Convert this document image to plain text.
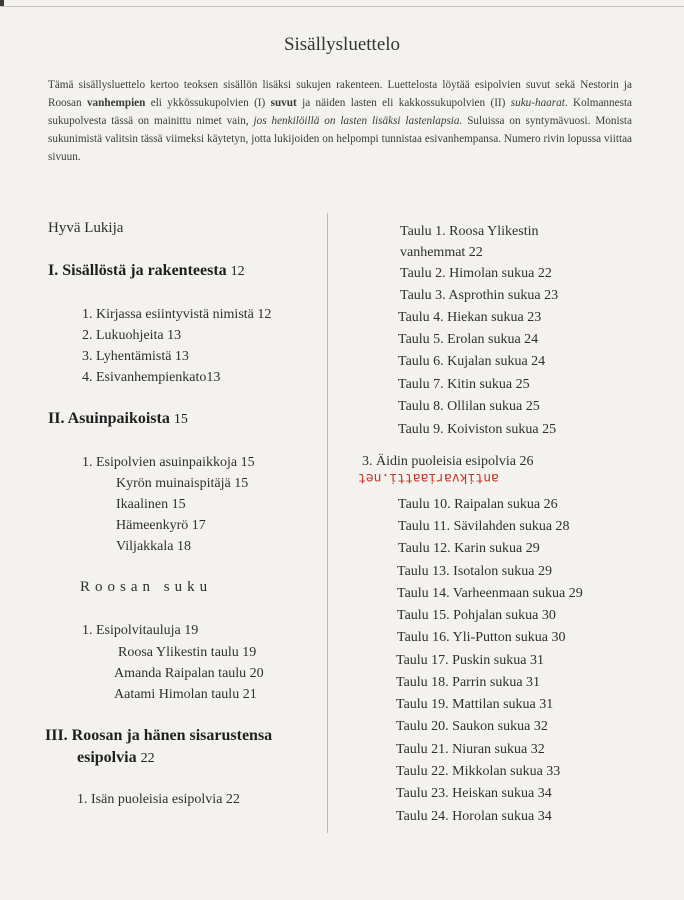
Sisällysluettelo
Tämä sisällysluettelo kertoo teoksen sisällön lisäksi sukujen rakenteen. Luettelosta löytää esipolvien suvut sekä Nestorin ja Roosan vanhempien eli ykkössukupolvien (I) suvut ja näiden lasten eli kakkossukupolvien (II) suku-haarat. Kolmannesta sukupolvesta tässä on mainittu nimet vain, jos henkilöillä on lasten lisäksi lastenlapsia. Suluissa on syntymävuosi. Monista sukunimistä valitsin tässä viimeksi käytetyn, jotta lukijoiden on helpompi tunnistaa esivanhempansa. Numero rivin lopussa viittaa sivuun.
Hyvä Lukija
I. Sisällöstä ja rakenteesta 12
1. Kirjassa esiintyvistä nimistä 12
2. Lukuohjeita 13
3. Lyhentämistä 13
4. Esivanhempienkato13
II. Asuinpaikoista 15
1. Esipolvien asuinpaikkoja 15
Kyrön muinaispitäjä 15
Ikaalinen 15
Hämeenkyrö 17
Viljakkala 18
Roosan suku
1. Esipolvitauluja 19
Roosa Ylikestin taulu 19
Amanda Raipalan taulu 20
Aatami Himolan taulu 21
III. Roosan ja hänen sisarustensa
esipolvia 22
1. Isän puoleisia esipolvia 22
Taulu 1. Roosa Ylikestin
vanhemmat 22
Taulu 2. Himolan sukua 22
Taulu 3. Asprothin sukua 23
Taulu 4. Hiekan sukua 23
Taulu 5. Erolan sukua 24
Taulu 6. Kujalan sukua 24
Taulu 7. Kitin sukua 25
Taulu 8. Ollilan sukua 25
Taulu 9. Koiviston sukua 25
3. Äidin puoleisia esipolvia 26
Taulu 10. Raipalan sukua 26
Taulu 11. Sävilahden sukua 28
Taulu 12. Karin sukua 29
Taulu 13. Isotalon sukua 29
Taulu 14. Varheenmaan sukua 29
Taulu 15. Pohjalan sukua 30
Taulu 16. Yli-Putton sukua 30
Taulu 17. Puskin sukua 31
Taulu 18. Parrin sukua 31
Taulu 19. Mattilan sukua 31
Taulu 20. Saukon sukua 32
Taulu 21. Niuran sukua 32
Taulu 22. Mikkolan sukua 33
Taulu 23. Heiskan sukua 34
Taulu 24. Horolan sukua 34
antikvariaatti.net
